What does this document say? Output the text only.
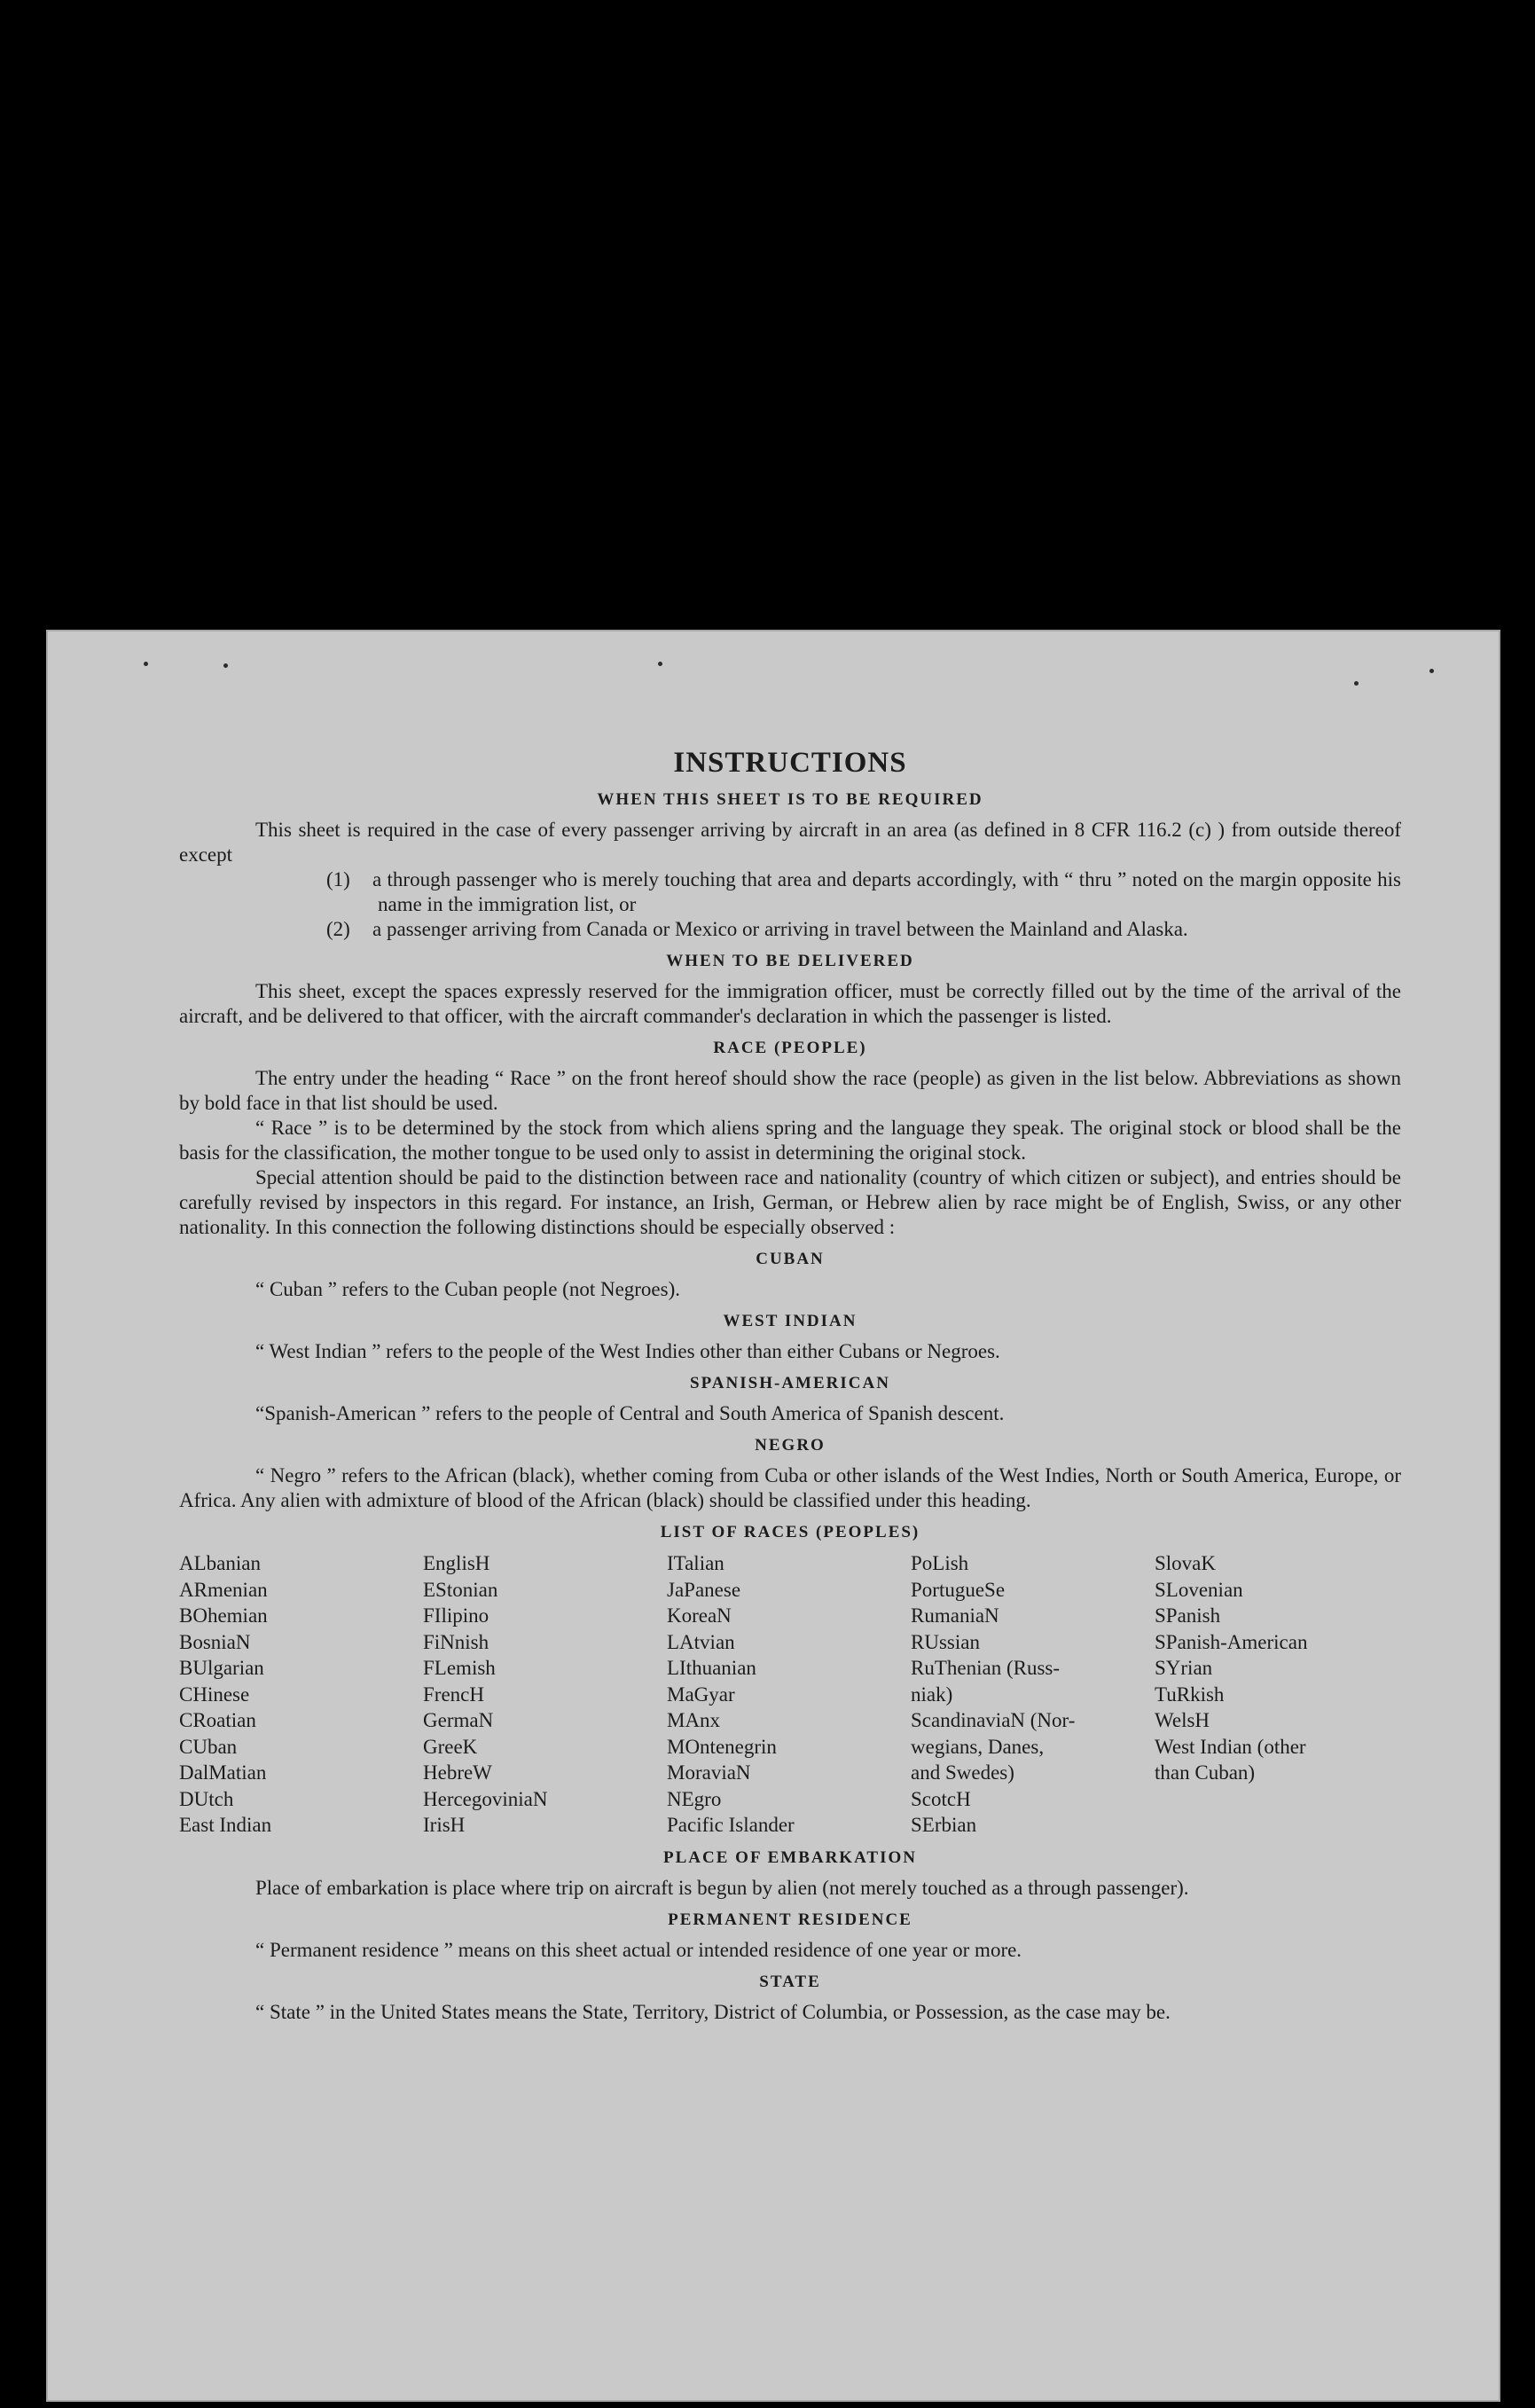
INSTRUCTIONS
WHEN THIS SHEET IS TO BE REQUIRED

This sheet is required in the case of every passenger arriving by aircraft in an area (as defined in 8 CFR 116.2 (c) ) from outside thereof except

(1)	a through passenger who is merely touching that area and departs accordingly, with “ thru ” noted on the margin opposite his name in the immigration list, or
(2)	a passenger arriving from Canada or Mexico or arriving in travel between the Mainland and Alaska.
WHEN TO BE DELIVERED

This sheet, except the spaces expressly reserved for the immigration officer, must be correctly filled out by the time of the arrival of the aircraft, and be delivered to that officer, with the aircraft commander's declaration in which the passenger is listed.

RACE (PEOPLE)

The entry under the heading “ Race ” on the front hereof should show the race (people) as given in the list below. Abbreviations as shown by bold face in that list should be used.

“ Race ” is to be determined by the stock from which aliens spring and the language they speak. The original stock or blood shall be the basis for the classification, the mother tongue to be used only to assist in determining the original stock.

Special attention should be paid to the distinction between race and nationality (country of which citizen or subject), and entries should be carefully revised by inspectors in this regard. For instance, an Irish, German, or Hebrew alien by race might be of English, Swiss, or any other nationality. In this connection the following distinctions should be especially observed :

CUBAN

“ Cuban ” refers to the Cuban people (not Negroes).

WEST INDIAN

“ West Indian ” refers to the people of the West Indies other than either Cubans or Negroes.

SPANISH-AMERICAN

“Spanish-American ” refers to the people of Central and South America of Spanish descent.

NEGRO

“ Negro ” refers to the African (black), whether coming from Cuba or other islands of the West Indies, North or South America, Europe, or Africa. Any alien with admixture of blood of the African (black) should be classified under this heading.

LIST OF RACES (PEOPLES)
ALbanian
ARmenian
BOhemian
BosniaN
BUlgarian
CHinese
CRoatian
CUban
DalMatian
DUtch
East Indian
EnglisH
EStonian
FIlipino
FiNnish
FLemish
FrencH
GermaN
GreeK
HebreW
HercegoviniaN
IrisH
ITalian
JaPanese
KoreaN
LAtvian
LIthuanian
MaGyar
MAnx
MOntenegrin
MoraviaN
NEgro
Pacific Islander
PoLish
PortugueSe
RumaniaN
RUssian
RuThenian (Russ-
niak)
ScandinaviaN (Nor-
wegians, Danes,
and Swedes)
ScotcH
SErbian
SlovaK
SLovenian
SPanish
SPanish-American
SYrian
TuRkish
WelsH
West Indian (other
than Cuban)
PLACE OF EMBARKATION

Place of embarkation is place where trip on aircraft is begun by alien (not merely touched as a through passenger).

PERMANENT RESIDENCE

“ Permanent residence ” means on this sheet actual or intended residence of one year or more.

STATE

“ State ” in the United States means the State, Territory, District of Columbia, or Possession, as the case may be.
